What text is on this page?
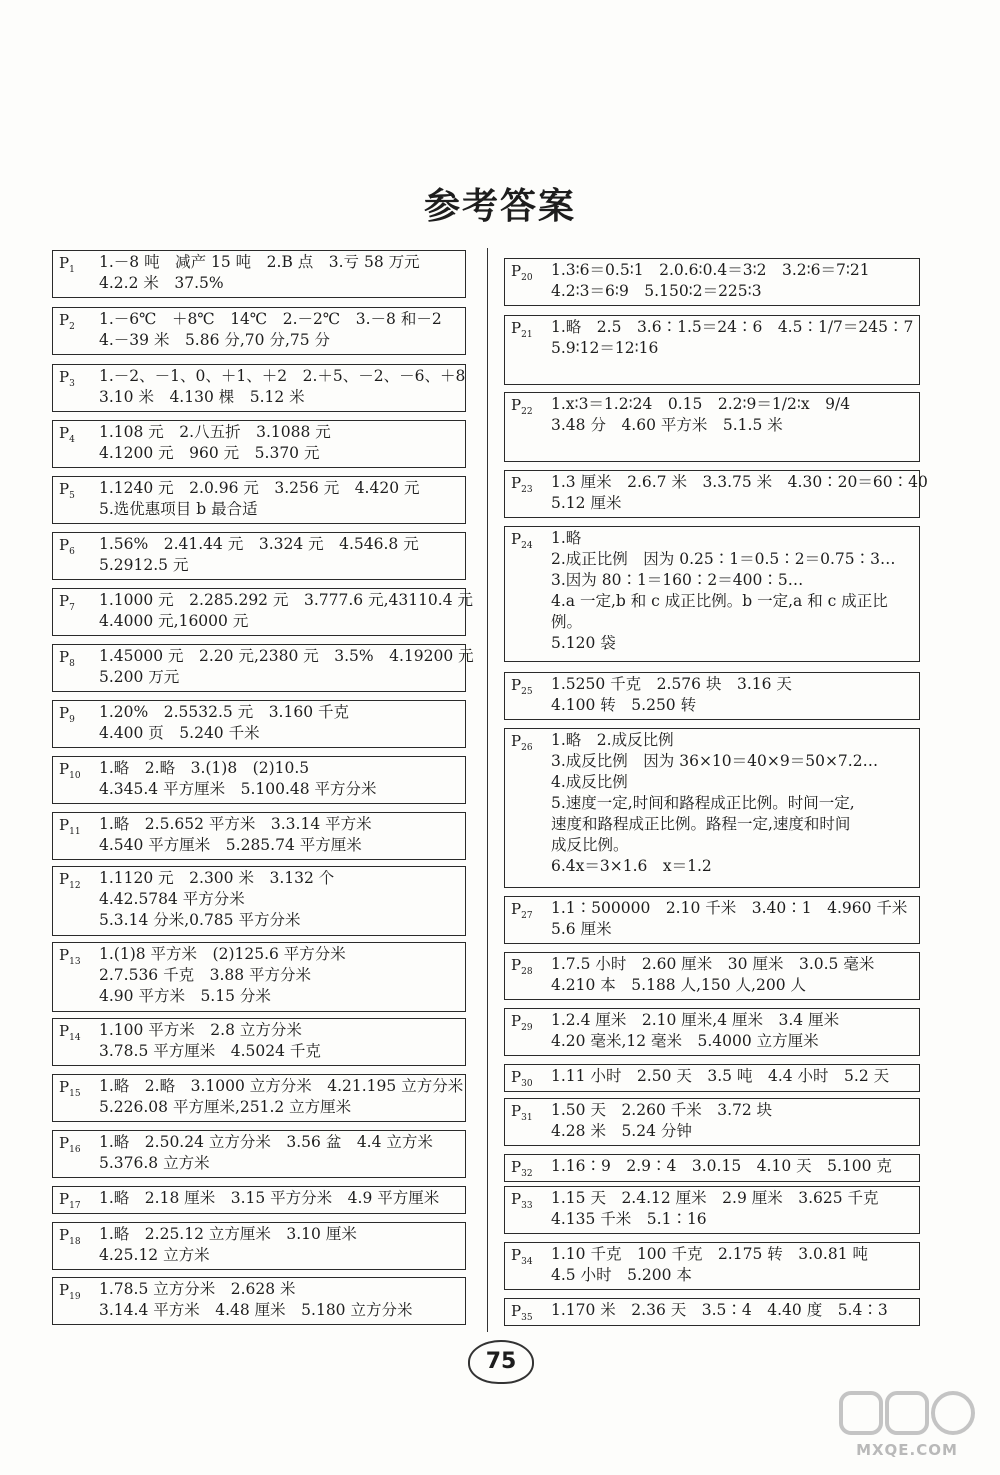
参考答案
$P_1$ 1.－8 吨　减产 15 吨　2.B 点　3.亏 58 万元
4.2.2 米　37.5%
$P_2$ 1.－6℃　＋8℃　14℃　2.－2℃　3.－8 和－2
4.－39 米　5.86 分,70 分,75 分
$P_3$ 1.－2、－1、0、＋1、＋2　2.＋5、－2、－6、＋8
3.10 米　4.130 棵　5.12 米
$P_4$ 1.108 元　2.八五折　3.1088 元
4.1200 元　960 元　5.370 元
$P_5$ 1.1240 元　2.0.96 元　3.256 元　4.420 元
5.选优惠项目 b 最合适
$P_6$ 1.56%　2.41.44 元　3.324 元　4.546.8 元
5.2912.5 元
$P_7$ 1.1000 元　2.285.292 元　3.777.6 元,43110.4 元
4.4000 元,16000 元
$P_8$ 1.45000 元　2.20 元,2380 元　3.5%　4.19200 元
5.200 万元
$P_9$ 1.20%　2.5532.5 元　3.160 千克
4.400 页　5.240 千米
$P_{10}$ 1.略　2.略　3.(1)8　(2)10.5
4.345.4 平方厘米　5.100.48 平方分米
$P_{11}$ 1.略　2.5.652 平方米　3.3.14 平方米
4.540 平方厘米　5.285.74 平方厘米
$P_{12}$ 1.1120 元　2.300 米　3.132 个
4.42.5784 平方分米
5.3.14 分米,0.785 平方分米
$P_{13}$ 1.(1)8 平方米　(2)125.6 平方分米
2.7.536 千克　3.88 平方分米
4.90 平方米　5.15 分米
$P_{14}$ 1.100 平方米　2.8 立方分米
3.78.5 平方厘米　4.5024 千克
$P_{15}$ 1.略　2.略　3.1000 立方分米　4.21.195 立方分米
5.226.08 平方厘米,251.2 立方厘米
$P_{16}$ 1.略　2.50.24 立方分米　3.56 盆　4.4 立方米
5.376.8 立方米
$P_{17}$ 1.略　2.18 厘米　3.15 平方分米　4.9 平方厘米
$P_{18}$ 1.略　2.25.12 立方厘米　3.10 厘米
4.25.12 立方米
$P_{19}$ 1.78.5 立方分米　2.628 米
3.14.4 平方米　4.48 厘米　5.180 立方分米
$P_{20}$ 1.3∶6＝0.5∶1　2.0.6∶0.4＝3∶2　3.2∶6＝7∶21
4.2∶3＝6∶9　5.150∶2＝225∶3
$P_{21}$ 1.略　2.5　3.6∶1.5＝24∶6　4.5∶1/7＝245∶7
5.9∶12＝12∶16
$P_{22}$ 1.x∶3＝1.2∶24　0.15　2.2∶9＝1/2∶x　9/4
3.48 分　4.60 平方米　5.1.5 米
$P_{23}$ 1.3 厘米　2.6.7 米　3.3.75 米　4.30∶20＝60∶40
5.12 厘米
$P_{24}$ 1.略
2.成正比例　因为 0.25∶1＝0.5∶2＝0.75∶3…
3.因为 80∶1＝160∶2＝400∶5…
4.a 一定,b 和 c 成正比例。b 一定,a 和 c 成正比
例。
5.120 袋
$P_{25}$ 1.5250 千克　2.576 块　3.16 天
4.100 转　5.250 转
$P_{26}$ 1.略　2.成反比例
3.成反比例　因为 36×10＝40×9＝50×7.2…
4.成反比例
5.速度一定,时间和路程成正比例。时间一定,
速度和路程成正比例。路程一定,速度和时间
成反比例。
6.4x＝3×1.6　x＝1.2
$P_{27}$ 1.1∶500000　2.10 千米　3.40∶1　4.960 千米
5.6 厘米
$P_{28}$ 1.7.5 小时　2.60 厘米　30 厘米　3.0.5 毫米
4.210 本　5.188 人,150 人,200 人
$P_{29}$ 1.2.4 厘米　2.10 厘米,4 厘米　3.4 厘米
4.20 毫米,12 毫米　5.4000 立方厘米
$P_{30}$ 1.11 小时　2.50 天　3.5 吨　4.4 小时　5.2 天
$P_{31}$ 1.50 天　2.260 千米　3.72 块
4.28 米　5.24 分钟
$P_{32}$ 1.16∶9　2.9∶4　3.0.15　4.10 天　5.100 克
$P_{33}$ 1.15 天　2.4.12 厘米　2.9 厘米　3.625 千克
4.135 千米　5.1∶16
$P_{34}$ 1.10 千克　100 千克　2.175 转　3.0.81 吨
4.5 小时　5.200 本
$P_{35}$ 1.170 米　2.36 天　3.5∶4　4.40 度　5.4∶3
75
MXQE.COM
